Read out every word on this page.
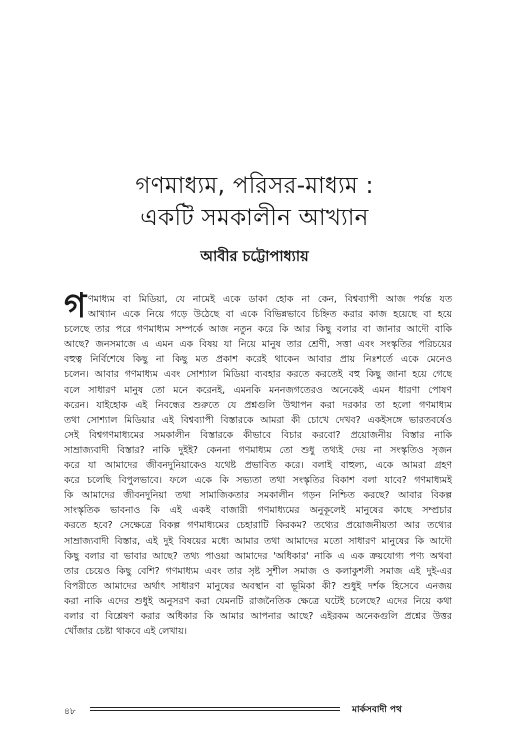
গণমাধ্যম, পরিসর-মাধ্যম :
একটি সমকালীন আখ্যান
আবীর চট্টোপাধ্যায়
গ ণমাধ্যম বা মিডিয়া, যে নামেই একে ডাকা হোক না কেন, বিশ্বব্যাপী আজ পর্যন্ত যত
আখ্যান একে নিয়ে গড়ে উঠেছে বা একে বিভিন্নভাবে চিহ্নিত করার কাজ হয়েছে বা হয়ে
চলেছে তার পরে গণমাধ্যম সম্পর্কে আজ নতুন করে কি আর কিছু বলার বা জানার আদৌ বাকি
আছে? জনসমাজে এ এমন এক বিষয় যা নিয়ে মানুষ তার শ্রেণী, সত্তা এবং সংস্কৃতির পরিচয়ের
বহুত্ব নির্বিশেষে কিছু না কিছু মত প্রকাশ করেই থাকেন আবার প্রায় নিঃশর্তে একে মেনেও
চলেন। আবার গণমাধ্যম এবং সোশ্যাল মিডিয়া ব্যবহার করতে করতেই বহু কিছু জানা হয়ে গেছে
বলে সাধারণ মানুষ তো মনে করেনই, এমনকি মননজগতেরও অনেকেই এমন ধারণা পোষণ
করেন। যাইহোক এই নিবন্ধের শুরুতে যে প্রশ্নগুলি উত্থাপন করা দরকার তা হলো গণমাধ্যম
তথা সোশ্যাল মিডিয়ার এই বিশ্বব্যাপী বিস্তারকে আমরা কী চোখে দেখব? একইসঙ্গে ভারতবর্ষেও
সেই বিশ্বগণমাধ্যমের সমকালীন বিস্তারকে কীভাবে বিচার করবো? প্রয়োজনীয় বিস্তার নাকি
সাম্রাজ্যবাদী বিস্তার? নাকি দুইই? কেননা গণমাধ্যম তো শুধু তথ্যই দেয় না সংস্কৃতিও সৃজন
করে যা আমাদের জীবনদুনিয়াকেও যথেষ্ট প্রভাবিত করে। বলাই বাহুল্য, একে আমরা গ্রহণ
করে চলেছি বিপুলভাবে। ফলে একে কি সভ্যতা তথা সংস্কৃতির বিকাশ বলা যাবে? গণমাধ্যমই
কি আমাদের জীবনদুনিয়া তথা সামাজিকতার সমকালীন গড়ন নিশ্চিত করছে? আবার বিকল্প
সাংস্কৃতিক ভাবনাও কি এই একই বাজারী গণমাধ্যমের অনুকূলেই মানুষের কাছে সম্প্রচার
করতে হবে? সেক্ষেত্রে বিকল্প গণমাধ্যমের চেহারাটি কিরকম? তথ্যের প্রয়োজনীয়তা আর তথ্যের
সাম্রাজ্যবাদী বিস্তার, এই দুই বিষয়ের মধ্যে আমার তথা আমাদের মতো সাধারণ মানুষের কি আদৌ
কিছু বলার বা ভাবার আছে? তথ্য পাওয়া আমাদের 'অধিকার' নাকি এ এক ক্রয়যোগ্য পণ্য অথবা
তার চেয়েও কিছু বেশি? গণমাধ্যম এবং তার সৃষ্ট সুশীল সমাজ ও কলাকুশলী সমাজ এই দুই-এর
বিপরীতে আমাদের অর্থাৎ সাধারণ মানুষের অবস্থান বা ভূমিকা কী? শুধুই দর্শক হিসেবে এনজয়
করা নাকি এদের শুধুই অনুসরণ করা যেমনটি রাজনৈতিক ক্ষেত্রে ঘটেই চলেছে? এদের নিয়ে কথা
বলার বা বিশ্লেষণ করার অধিকার কি আমার আপনার আছে? এইরকম অনেকগুলি প্রশ্নের উত্তর
খোঁজার চেষ্টা থাকবে এই লেখায়।
৪৮	মার্কসবাদী পথ
